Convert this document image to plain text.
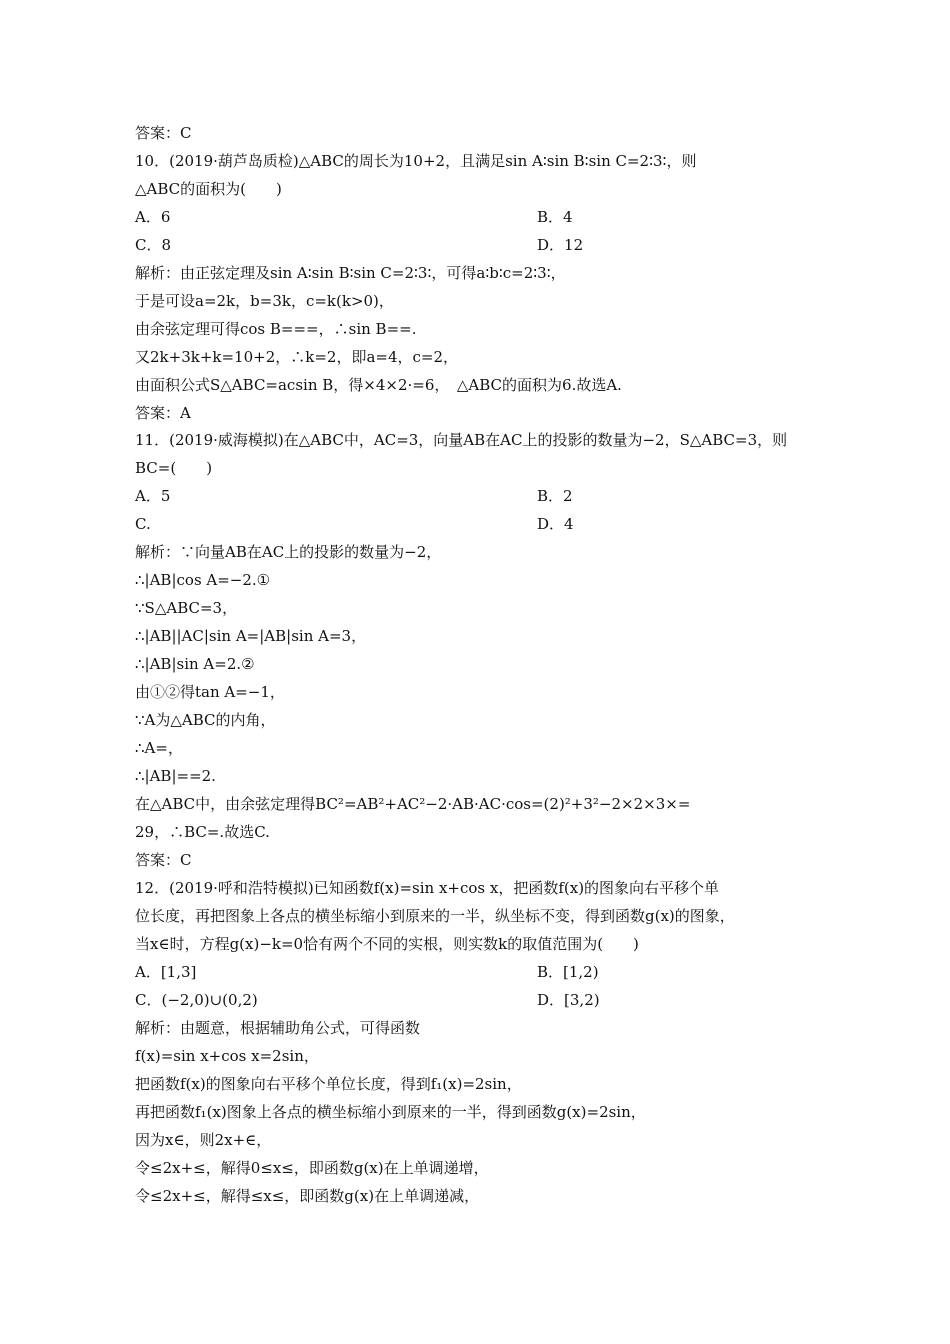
答案：C
10．(2019·葫芦岛质检)△ABC的周长为10+2，且满足sin A∶sin B∶sin C=2∶3∶，则
△ABC的面积为(　　)
A．6
C．8
解析：由正弦定理及sin A∶sin B∶sin C=2∶3∶，可得a∶b∶c=2∶3∶，
于是可设a=2k，b=3k，c=k(k>0)，
由余弦定理可得cos B===，∴sin B==.
又2k+3k+k=10+2，∴k=2，即a=4，c=2，
由面积公式S△ABC=acsin B，得×4×2·=6，　△ABC的面积为6.故选A.
答案：A
11．(2019·威海模拟)在△ABC中，AC=3，向量AB在AC上的投影的数量为−2，S△ABC=3，则
BC=(　　)
A．5
C.
解析：∵向量AB在AC上的投影的数量为−2，
∴|AB|cos A=−2.①
∵S△ABC=3，
∴|AB||AC|sin A=|AB|sin A=3，
∴|AB|sin A=2.②
由①②得tan A=−1，
∵A为△ABC的内角，
∴A=，
∴|AB|==2.
在△ABC中，由余弦定理得BC²=AB²+AC²−2·AB·AC·cos=(2)²+3²−2×2×3×=
29，∴BC=.故选C.
答案：C
12．(2019·呼和浩特模拟)已知函数f(x)=sin x+cos x，把函数f(x)的图象向右平移个单
位长度，再把图象上各点的横坐标缩小到原来的一半，纵坐标不变，得到函数g(x)的图象，
当x∈时，方程g(x)−k=0恰有两个不同的实根，则实数k的取值范围为(　　)
A．[1,3]
C．(−2,0)∪(0,2)
解析：由题意，根据辅助角公式，可得函数
f(x)=sin x+cos x=2sin，
把函数f(x)的图象向右平移个单位长度，得到f₁(x)=2sin，
再把函数f₁(x)图象上各点的横坐标缩小到原来的一半，得到函数g(x)=2sin，
因为x∈，则2x+∈，
令≤2x+≤，解得0≤x≤，即函数g(x)在上单调递增，
令≤2x+≤，解得≤x≤，即函数g(x)在上单调递减，
B．4
D．12
B．2
D．4
B．[1,2)
D．[3,2)
